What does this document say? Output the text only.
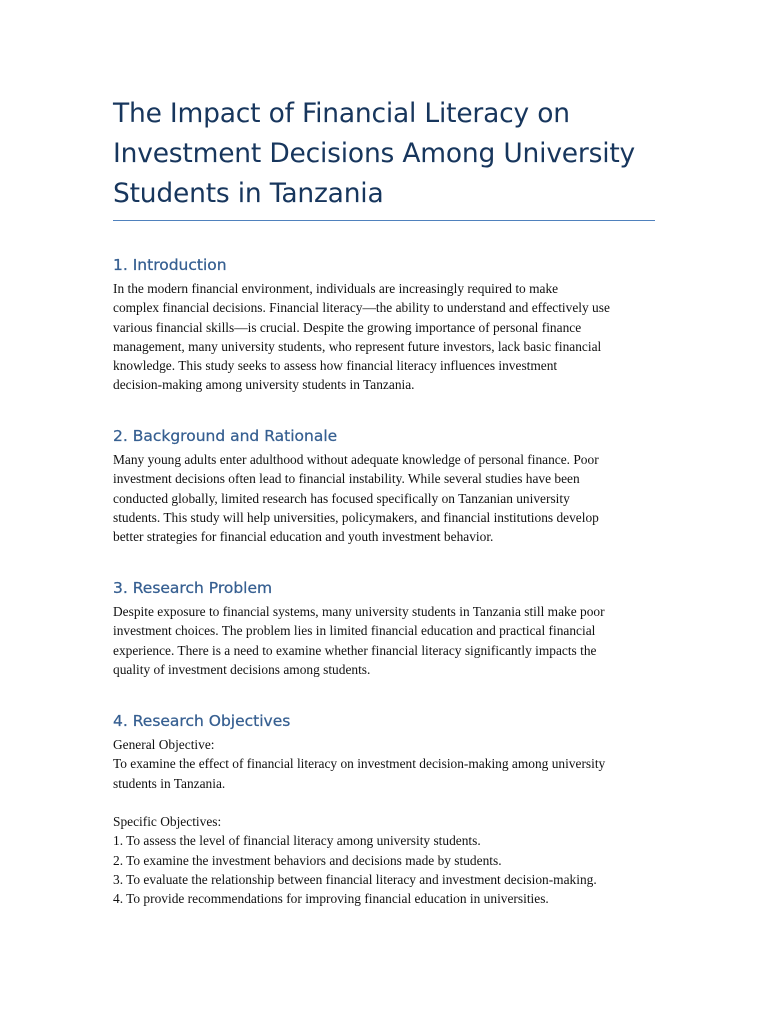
The Impact of Financial Literacy on
Investment Decisions Among University
Students in Tanzania
1. Introduction

In the modern financial environment, individuals are increasingly required to make
complex financial decisions. Financial literacy—the ability to understand and effectively use
various financial skills—is crucial. Despite the growing importance of personal finance
management, many university students, who represent future investors, lack basic financial
knowledge. This study seeks to assess how financial literacy influences investment
decision-making among university students in Tanzania.

2. Background and Rationale

Many young adults enter adulthood without adequate knowledge of personal finance. Poor
investment decisions often lead to financial instability. While several studies have been
conducted globally, limited research has focused specifically on Tanzanian university
students. This study will help universities, policymakers, and financial institutions develop
better strategies for financial education and youth investment behavior.

3. Research Problem

Despite exposure to financial systems, many university students in Tanzania still make poor
investment choices. The problem lies in limited financial education and practical financial
experience. There is a need to examine whether financial literacy significantly impacts the
quality of investment decisions among students.

4. Research Objectives

General Objective:
To examine the effect of financial literacy on investment decision-making among university
students in Tanzania.
Specific Objectives:
1. To assess the level of financial literacy among university students.
2. To examine the investment behaviors and decisions made by students.
3. To evaluate the relationship between financial literacy and investment decision-making.
4. To provide recommendations for improving financial education in universities.
